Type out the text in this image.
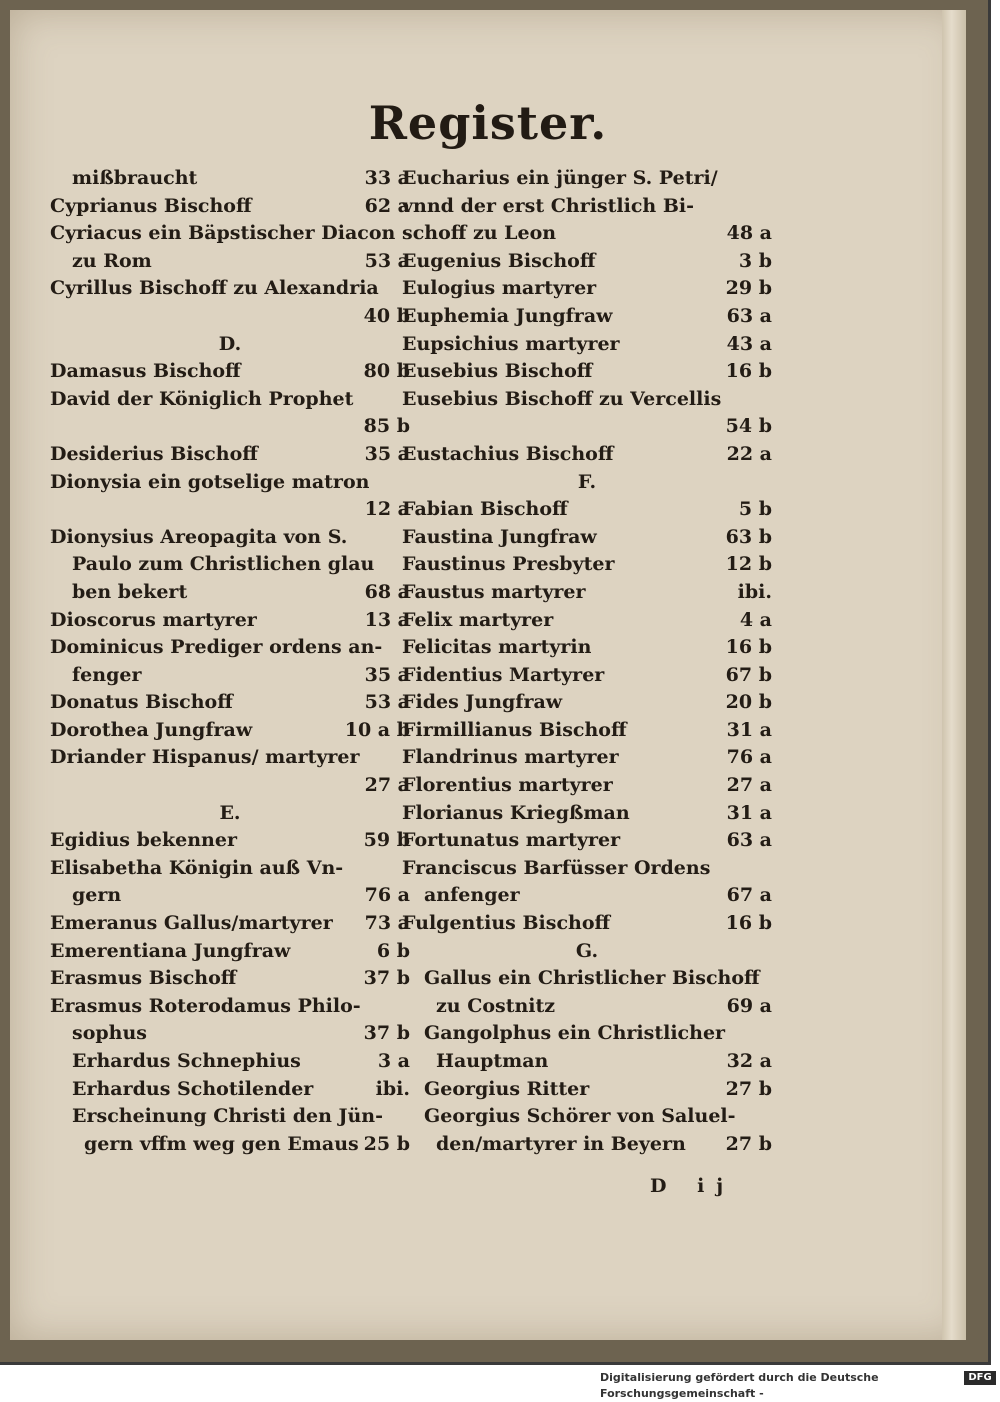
Register.
mißbraucht	33 a
Cyprianus Bischoff	62 a
Cyriacus ein Bäpstischer Diacon
zu Rom	53 a
Cyrillus Bischoff zu Alexandria
40 b
D.
Damasus Bischoff	80 b
David der Königlich Prophet
85 b
Desiderius Bischoff	35 a
Dionysia ein gotselige matron
12 a
Dionysius Areopagita von S.
Paulo zum Christlichen glau
ben bekert	68 a
Dioscorus martyrer	13 a
Dominicus Prediger ordens an-
fenger	35 a
Donatus Bischoff	53 a
Dorothea Jungfraw	10 a b
Driander Hispanus/ martyrer
27 a
E.
Egidius bekenner	59 b
Elisabetha Königin auß Vn-
gern	76 a
Emeranus Gallus/martyrer 73 a
Emerentiana Jungfraw	6 b
Erasmus Bischoff	37 b
Erasmus Roterodamus Philo-
sophus	37 b
Erhardus Schnephius	3 a
Erhardus Schotilender	ibi.
Erscheinung Christi den Jün-
gern vffm weg gen Emaus 25 b
Eucharius ein jünger S. Petri/
vnnd der erst Christlich Bi-
schoff zu Leon	48 a
Eugenius Bischoff	3 b
Eulogius martyrer	29 b
Euphemia Jungfraw	63 a
Eupsichius martyrer	43 a
Eusebius Bischoff	16 b
Eusebius Bischoff zu Vercellis
54 b
Eustachius Bischoff	22 a
F.
Fabian Bischoff	5 b
Faustina Jungfraw	63 b
Faustinus Presbyter	12 b
Faustus martyrer	ibi.
Felix martyrer	4 a
Felicitas martyrin	16 b
Fidentius Martyrer	67 b
Fides Jungfraw	20 b
Firmillianus Bischoff	31 a
Flandrinus martyrer	76 a
Florentius martyrer	27 a
Florianus Kriegßman	31 a
Fortunatus martyrer	63 a
Franciscus Barfüsser Ordens
anfenger	67 a
Fulgentius Bischoff	16 b
G.
Gallus ein Christlicher Bischoff
zu Costnitz	69 a
Gangolphus ein Christlicher
Hauptman	32 a
Georgius Ritter	27 b
Georgius Schörer von Saluel-
den/martyrer in Beyern 27 b
D ij
Digitalisierung gefördert durch die Deutsche Forschungsgemeinschaft -
DFG
